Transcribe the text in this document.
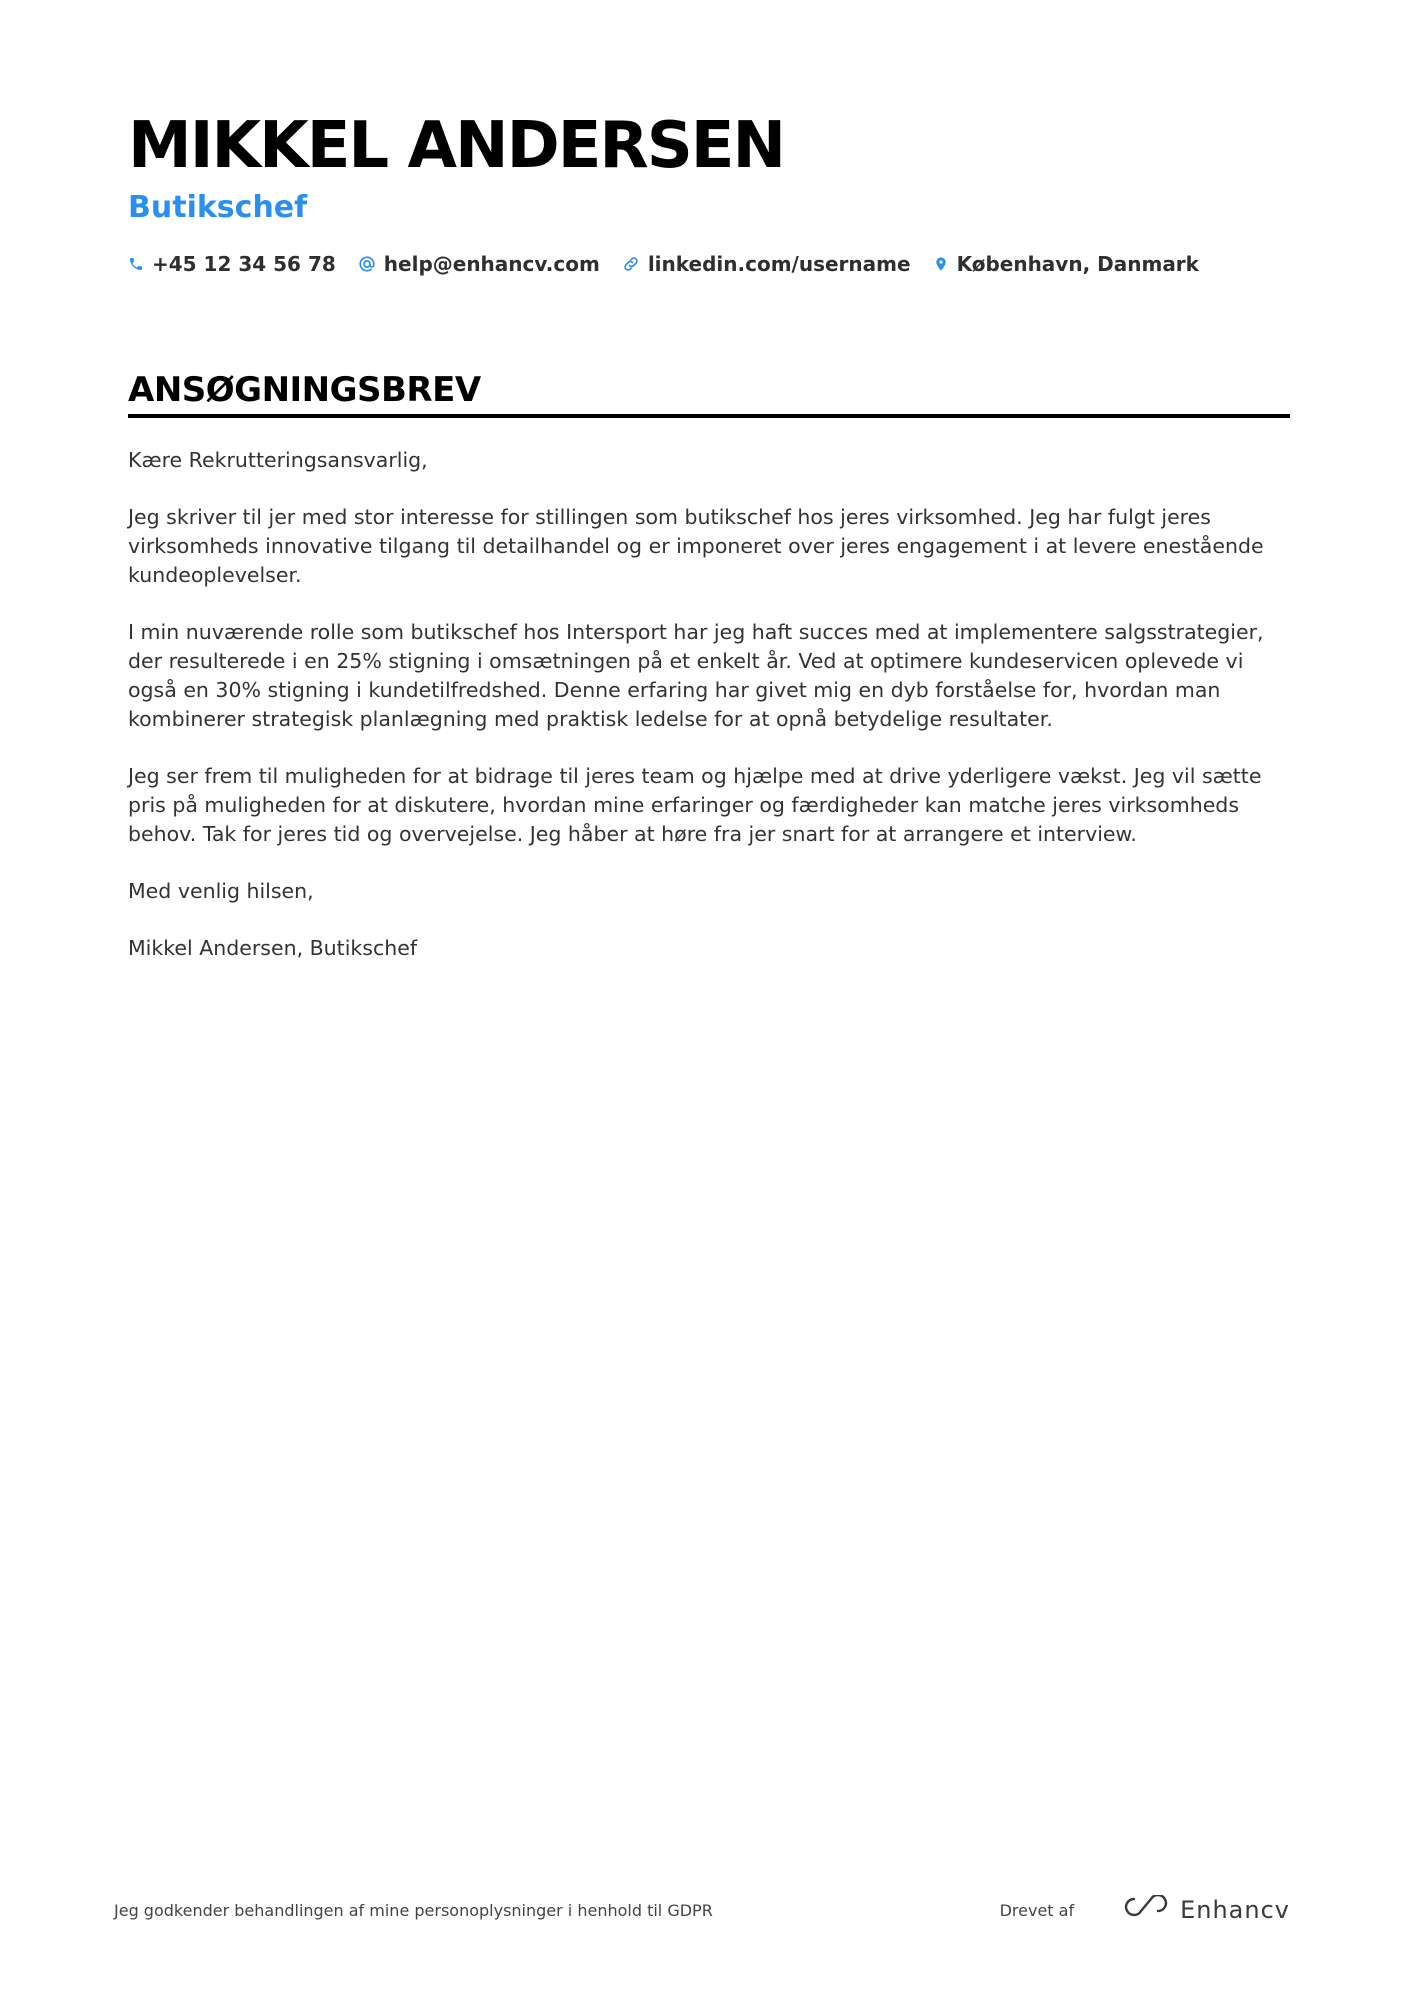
MIKKEL ANDERSEN
Butikschef
+45 12 34 56 78 help@enhancv.com linkedin.com/username København, Danmark
ANSØGNINGSBREV

Kære Rekrutteringsansvarlig,

Jeg skriver til jer med stor interesse for stillingen som butikschef hos jeres virksomhed. Jeg har fulgt jeres virksomheds innovative tilgang til detailhandel og er imponeret over jeres engagement i at levere enestående kundeoplevelser.

I min nuværende rolle som butikschef hos Intersport har jeg haft succes med at implementere salgsstrategier, der resulterede i en 25% stigning i omsætningen på et enkelt år. Ved at optimere kundeservicen oplevede vi også en 30% stigning i kundetilfredshed. Denne erfaring har givet mig en dyb forståelse for, hvordan man kombinerer strategisk planlægning med praktisk ledelse for at opnå betydelige resultater.

Jeg ser frem til muligheden for at bidrage til jeres team og hjælpe med at drive yderligere vækst. Jeg vil sætte pris på muligheden for at diskutere, hvordan mine erfaringer og færdigheder kan matche jeres virksomheds behov. Tak for jeres tid og overvejelse. Jeg håber at høre fra jer snart for at arrangere et interview.

Med venlig hilsen,

Mikkel Andersen, Butikschef

Jeg godkender behandlingen af mine personoplysninger i henhold til GDPR	Drevet af	Enhancv
